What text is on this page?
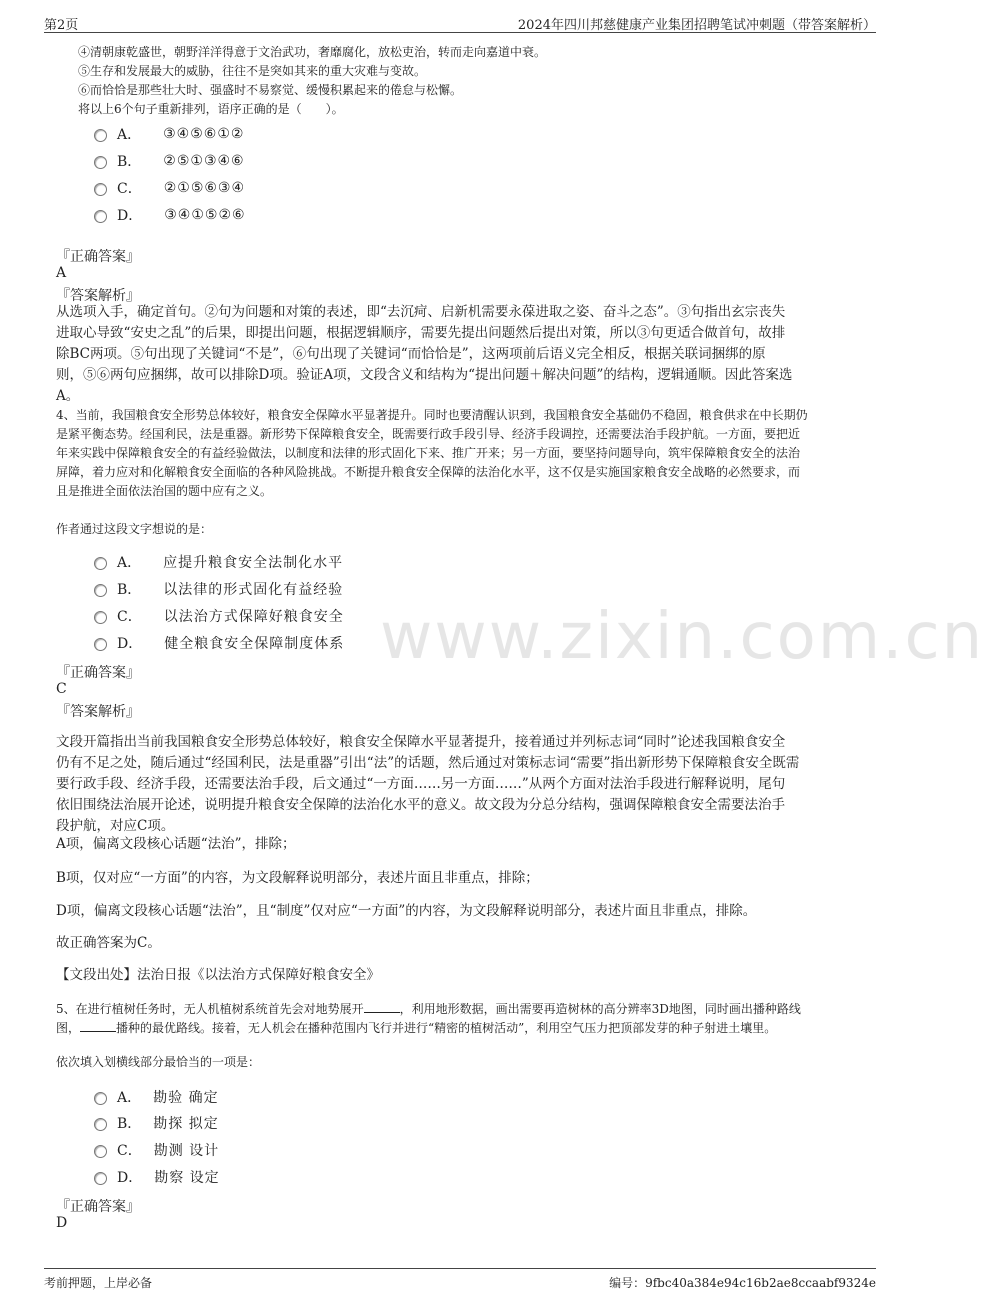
第2页	2024年四川邦慈健康产业集团招聘笔试冲刺题（带答案解析）
www.zixin.com.cn
④清朝康乾盛世，朝野洋洋得意于文治武功，奢靡腐化，放松吏治，转而走向嘉道中衰。
⑤生存和发展最大的威胁，往往不是突如其来的重大灾难与变故。
⑥而恰恰是那些壮大时、强盛时不易察觉、缓慢积累起来的倦怠与松懈。
将以上6个句子重新排列，语序正确的是（　　）。
A． ③④⑤⑥①②
B． ②⑤①③④⑥
C． ②①⑤⑥③④
D． ③④①⑤②⑥
『正确答案』
A
『答案解析』
从选项入手，确定首句。②句为问题和对策的表述，即“去沉疴、启新机需要永葆进取之姿、奋斗之态”。③句指出玄宗丧失
进取心导致“安史之乱”的后果，即提出问题，根据逻辑顺序，需要先提出问题然后提出对策，所以③句更适合做首句，故排
除BC两项。⑤句出现了关键词“不是”，⑥句出现了关键词“而恰恰是”，这两项前后语义完全相反，根据关联词捆绑的原
则，⑤⑥两句应捆绑，故可以排除D项。验证A项，文段含义和结构为“提出问题＋解决问题”的结构，逻辑通顺。因此答案选
A。
4、当前，我国粮食安全形势总体较好，粮食安全保障水平显著提升。同时也要清醒认识到，我国粮食安全基础仍不稳固，粮食供求在中长期仍
是紧平衡态势。经国利民，法是重器。新形势下保障粮食安全，既需要行政手段引导、经济手段调控，还需要法治手段护航。一方面，要把近
年来实践中保障粮食安全的有益经验做法，以制度和法律的形式固化下来、推广开来；另一方面，要坚持问题导向，筑牢保障粮食安全的法治
屏障，着力应对和化解粮食安全面临的各种风险挑战。不断提升粮食安全保障的法治化水平，这不仅是实施国家粮食安全战略的必然要求，而
且是推进全面依法治国的题中应有之义。
作者通过这段文字想说的是：
A． 应提升粮食安全法制化水平
B． 以法律的形式固化有益经验
C． 以法治方式保障好粮食安全
D． 健全粮食安全保障制度体系
『正确答案』
C
『答案解析』
文段开篇指出当前我国粮食安全形势总体较好，粮食安全保障水平显著提升，接着通过并列标志词“同时”论述我国粮食安全
仍有不足之处，随后通过“经国利民，法是重器”引出“法”的话题，然后通过对策标志词“需要”指出新形势下保障粮食安全既需
要行政手段、经济手段，还需要法治手段，后文通过“一方面……另一方面……”从两个方面对法治手段进行解释说明，尾句
依旧围绕法治展开论述，说明提升粮食安全保障的法治化水平的意义。故文段为分总分结构，强调保障粮食安全需要法治手
段护航，对应C项。
A项，偏离文段核心话题“法治”，排除；
B项，仅对应“一方面”的内容，为文段解释说明部分，表述片面且非重点，排除；
D项，偏离文段核心话题“法治”，且“制度”仅对应“一方面”的内容，为文段解释说明部分，表述片面且非重点，排除。
故正确答案为C。
【文段出处】法治日报《以法治方式保障好粮食安全》
5、在进行植树任务时，无人机植树系统首先会对地势展开	，利用地形数据，画出需要再造树林的高分辨率3D地图，同时画出播种路线
图，	播种的最优路线。接着，无人机会在播种范围内飞行并进行“精密的植树活动”，利用空气压力把顶部发芽的种子射进土壤里。
依次填入划横线部分最恰当的一项是：
A． 勘验 确定
B． 勘探 拟定
C． 勘测 设计
D． 勘察 设定
『正确答案』
D
考前押题，上岸必备	编号：9fbc40a384e94c16b2ae8ccaabf9324e
